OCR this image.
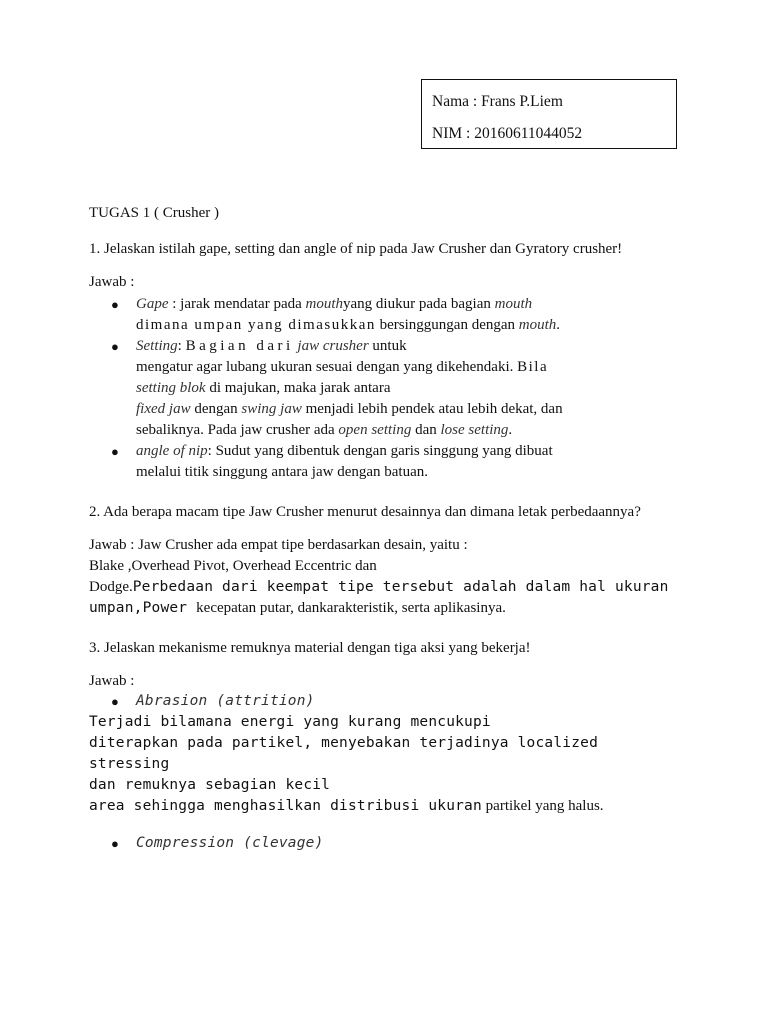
Nama : Frans P.Liem
NIM : 20160611044052

TUGAS 1 ( Crusher )

1. Jelaskan istilah gape, setting dan angle of nip pada Jaw Crusher dan Gyratory crusher!

Jawab :

● Gape : jarak mendatar pada mouthyang diukur pada bagian mouth
dimana umpan yang dimasukkan bersinggungan dengan mouth.
● Setting: Bagian dari jaw crusher untuk
mengatur agar lubang ukuran sesuai dengan yang dikehendaki. Bila
setting blok di majukan, maka jarak antara
fixed jaw dengan swing jaw menjadi lebih pendek atau lebih dekat, dan
sebaliknya. Pada jaw crusher ada open setting dan lose setting.
● angle of nip: Sudut yang dibentuk dengan garis singgung yang dibuat
melalui titik singgung antara jaw dengan batuan.

2. Ada berapa macam tipe Jaw Crusher menurut desainnya dan dimana letak perbedaannya?

Jawab : Jaw Crusher ada empat tipe berdasarkan desain, yaitu :
Blake ,Overhead Pivot, Overhead Eccentric dan
Dodge.Perbedaan dari keempat tipe tersebut adalah dalam hal ukuran
umpan,Power kecepatan putar, dankarakteristik, serta aplikasinya.

3. Jelaskan mekanisme remuknya material dengan tiga aksi yang bekerja!

Jawab :

● Abrasion (attrition)
Terjadi bilamana energi yang kurang mencukupi
diterapkan pada partikel, menyebakan terjadinya localized stressing
dan remuknya sebagian kecil
area sehingga menghasilkan distribusi ukuran partikel yang halus.
● Compression (clevage)
